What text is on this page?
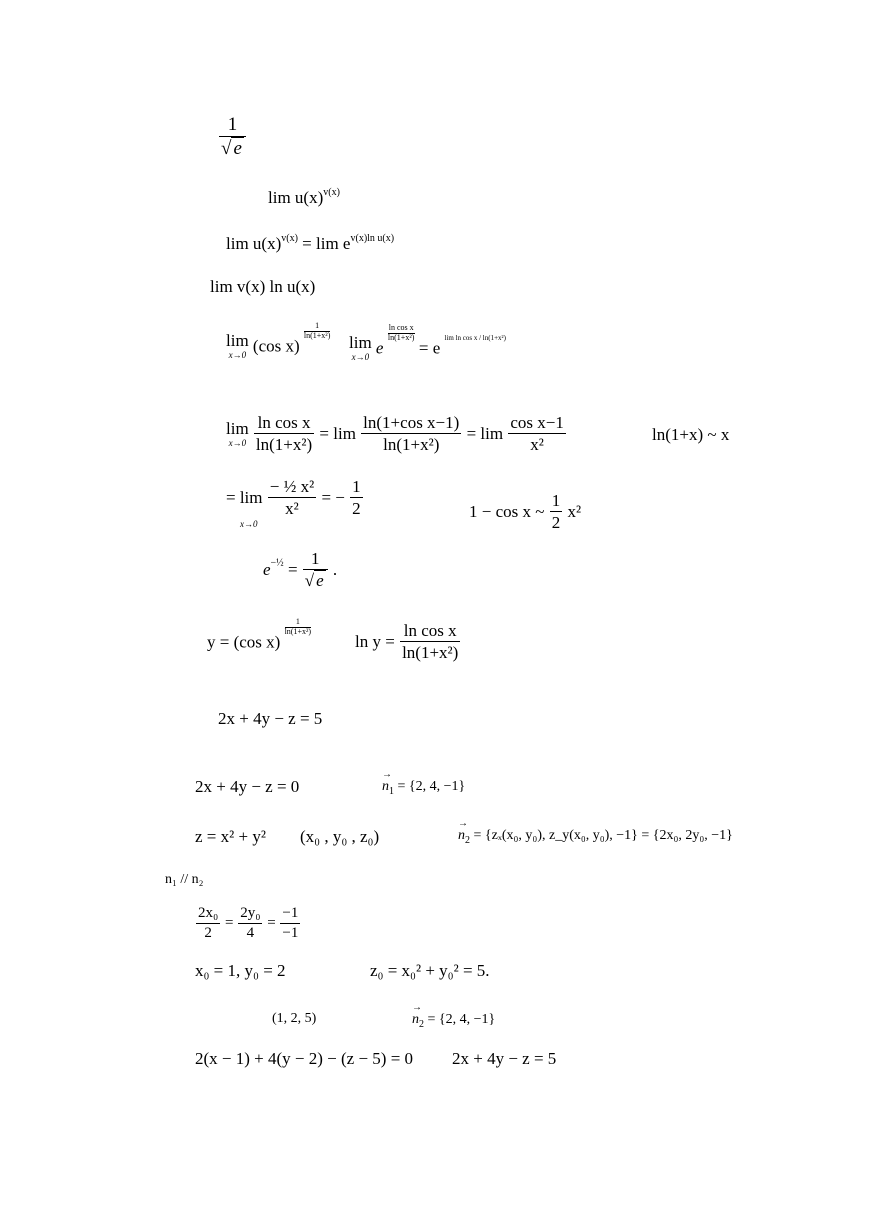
$\frac{1}{√ e}$
$\lim u(x)^{v(x)}$
$\lim u(x)^{v(x)} = \lim e^{v(x)ln u(x)}$
lim v(x) ln u(x)
lim
x→0 (cos x)
$\frac{1}{\text{ln(1+x²)}}$
lim
x→0 e
$\frac{\text{ln cos x}}{\text{ln(1+x²)}}$
= e lim ln cos x / ln(1+x²)
lim
x→0
$\frac{\text{ln cos x}}{\text{ln(1+x²)}} = \lim \frac{\text{ln(1+cos x−1)}}{\text{ln(1+x²)}} = \lim \frac{\text{cos x−1}}{\text{x²}}$	ln(1+x) ~ x
= $\lim \frac{\text{− ½ x²}}{\text{x²}}$ = − $\frac{1}{2}$
x→0
1 − cos x ~ $\frac{1}{2} x^2$
$e^{-\frac{1}{2}} = \frac{1}{√ e}$ .
y = (cos x)
$\frac{1}{\text{ln(1+x²)}}$
$\ln y = \frac{\text{ln cos x}}{\text{ln(1+x²)}}$
2x + 4y − z = 5
2x + 4y − z = 0	→ $n_1 = \{2$, 4, −1}
z = x² + y² (x₀ , y₀ , z₀)	→ $n_2 = \{z_x(x_0$, y₀), z_y(x₀, y₀), −1} = {2x₀, 2y₀, −1}
n₁ // n₂
$\frac{\text{2x₀}}{2} = \frac{\text{2y₀}}{4} = \frac{-1}{-1}$
x₀ = 1, y₀ = 2	z₀ = x₀² + y₀² = 5.
(1, 2, 5)	→ $n_2 = \{2$, 4, −1}
2(x − 1) + 4(y − 2) − (z − 5) = 0 2x + 4y − z = 5
